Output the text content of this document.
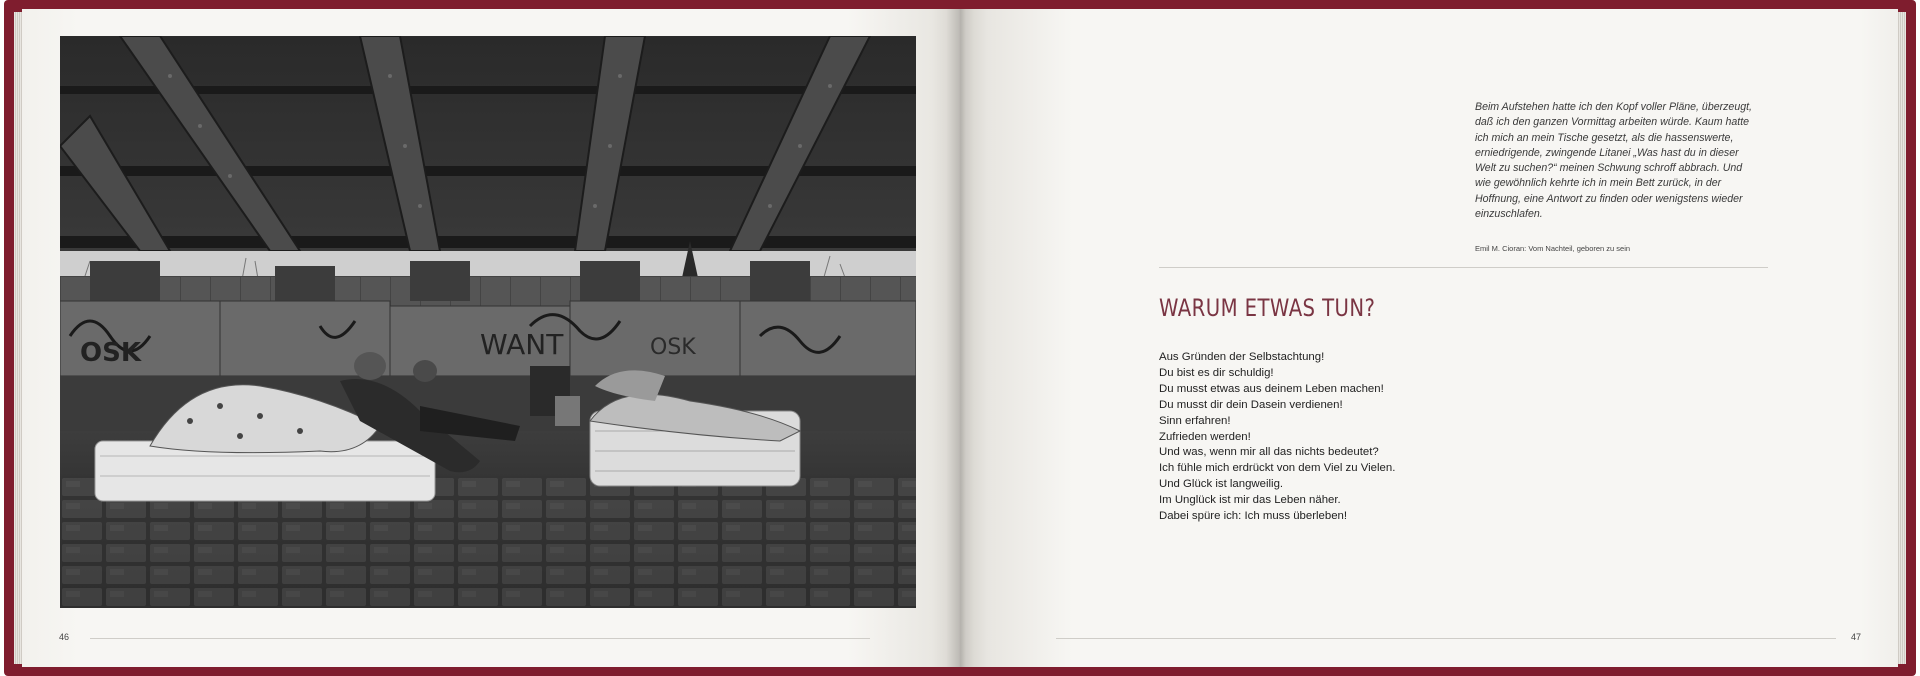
OSK	WANT	OSK
46
Beim Aufstehen hatte ich den Kopf voller Pläne, überzeugt,
daß ich den ganzen Vormittag arbeiten würde. Kaum hatte
ich mich an mein Tische gesetzt, als die hassenswerte,
erniedrigende, zwingende Litanei „Was hast du in dieser
Welt zu suchen?“ meinen Schwung schroff abbrach. Und
wie gewöhnlich kehrte ich in mein Bett zurück, in der
Hoffnung, eine Antwort zu finden oder wenigstens wieder
einzuschlafen.
Emil M. Cioran: Vom Nachteil, geboren zu sein
WARUM ETWAS TUN?
Aus Gründen der Selbstachtung!
Du bist es dir schuldig!
Du musst etwas aus deinem Leben machen!
Du musst dir dein Dasein verdienen!
Sinn erfahren!
Zufrieden werden!
Und was, wenn mir all das nichts bedeutet?
Ich fühle mich erdrückt von dem Viel zu Vielen.
Und Glück ist langweilig.
Im Unglück ist mir das Leben näher.
Dabei spüre ich: Ich muss überleben!
47
